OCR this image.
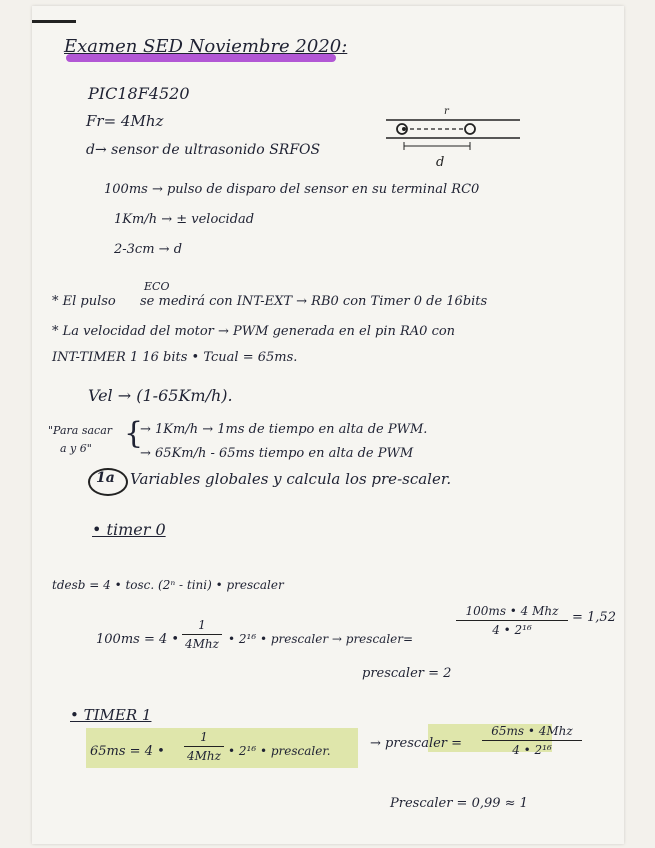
Examen SED Noviembre 2020:
PIC18F4520
Fr= 4Mhz
d→ sensor de ultrasonido SRFOS
r
d
100ms → pulso de disparo del sensor en su terminal RC0
1Km/h → ± velocidad
2-3cm → d
* El pulso
ECO
se medirá con INT-EXT → RB0 con Timer 0 de 16bits
* La velocidad del motor → PWM generada en el pin RA0 con
INT-TIMER 1 16 bits • Tcual = 65ms.
Vel → (1-65Km/h).
"Para sacar
a y 6" {
→ 1Km/h → 1ms de tiempo en alta de PWM.
→ 65Km/h - 65ms tiempo en alta de PWM
1a Variables globales y calcula los pre-scaler.
• timer 0
tdesb = 4 • tosc. (2ⁿ - tini) • prescaler
100ms = 4 •
1
4Mhz • 2¹⁶ • prescaler → prescaler=
100ms • 4 Mhz
4 • 2¹⁶
= 1,52
prescaler = 2
• TIMER 1
65ms = 4 •
1
4Mhz • 2¹⁶ • prescaler.	→ prescaler =
65ms • 4Mhz
4 • 2¹⁶
Prescaler = 0,99 ≈ 1
